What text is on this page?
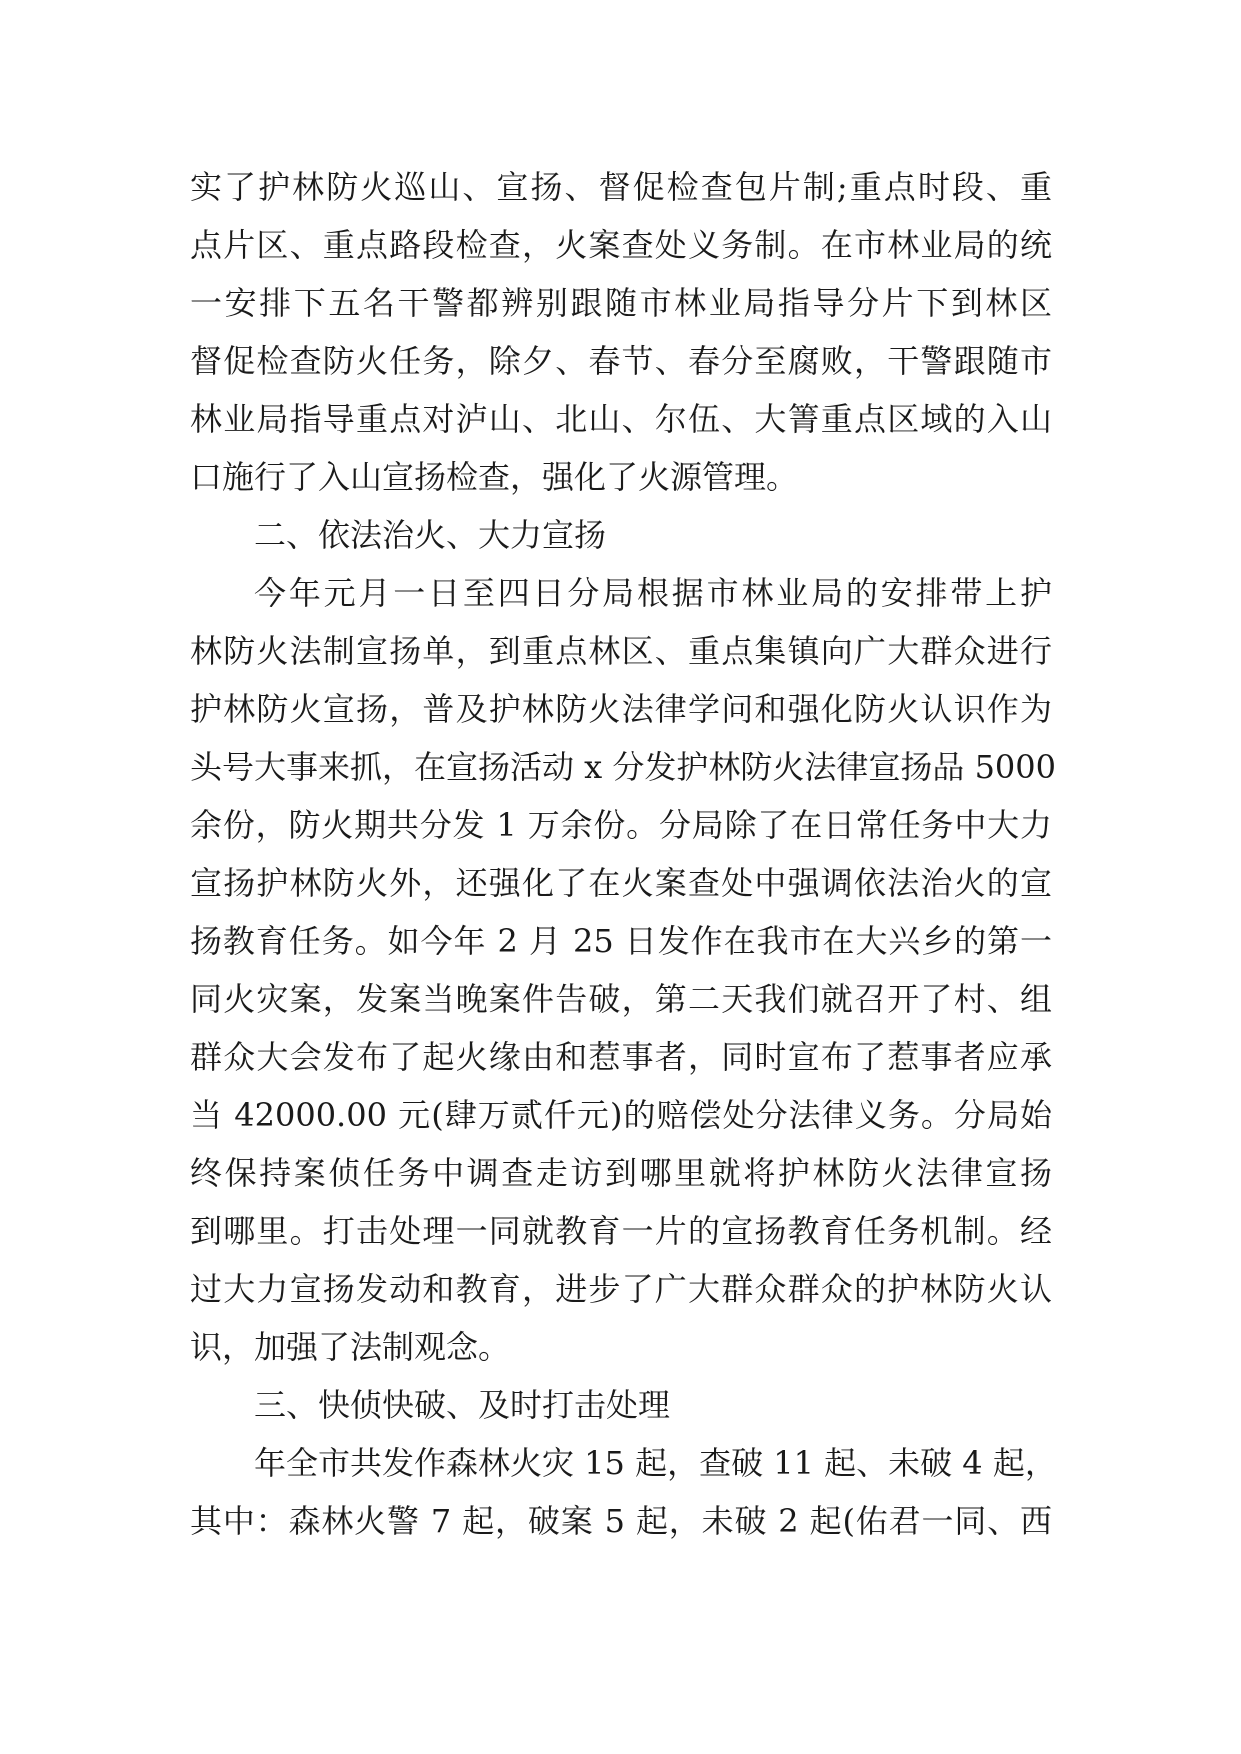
实了护林防火巡山、宣扬、督促检查包片制;重点时段、重
点片区、重点路段检查，火案查处义务制。在市林业局的统
一安排下五名干警都辨别跟随市林业局指导分片下到林区
督促检查防火任务，除夕、春节、春分至腐败，干警跟随市
林业局指导重点对泸山、北山、尔伍、大箐重点区域的入山
口施行了入山宣扬检查，强化了火源管理。
二、依法治火、大力宣扬
今年元月一日至四日分局根据市林业局的安排带上护
林防火法制宣扬单，到重点林区、重点集镇向广大群众进行
护林防火宣扬，普及护林防火法律学问和强化防火认识作为
头号大事来抓，在宣扬活动 x 分发护林防火法律宣扬品 5000
余份，防火期共分发 1 万余份。分局除了在日常任务中大力
宣扬护林防火外，还强化了在火案查处中强调依法治火的宣
扬教育任务。如今年 2 月 25 日发作在我市在大兴乡的第一
同火灾案，发案当晚案件告破，第二天我们就召开了村、组
群众大会发布了起火缘由和惹事者，同时宣布了惹事者应承
当 42000.00 元(肆万贰仟元)的赔偿处分法律义务。分局始
终保持案侦任务中调查走访到哪里就将护林防火法律宣扬
到哪里。打击处理一同就教育一片的宣扬教育任务机制。经
过大力宣扬发动和教育，进步了广大群众群众的护林防火认
识，加强了法制观念。
三、快侦快破、及时打击处理
年全市共发作森林火灾 15 起，查破 11 起、未破 4 起，
其中：森林火警 7 起，破案 5 起，未破 2 起(佑君一同、西
